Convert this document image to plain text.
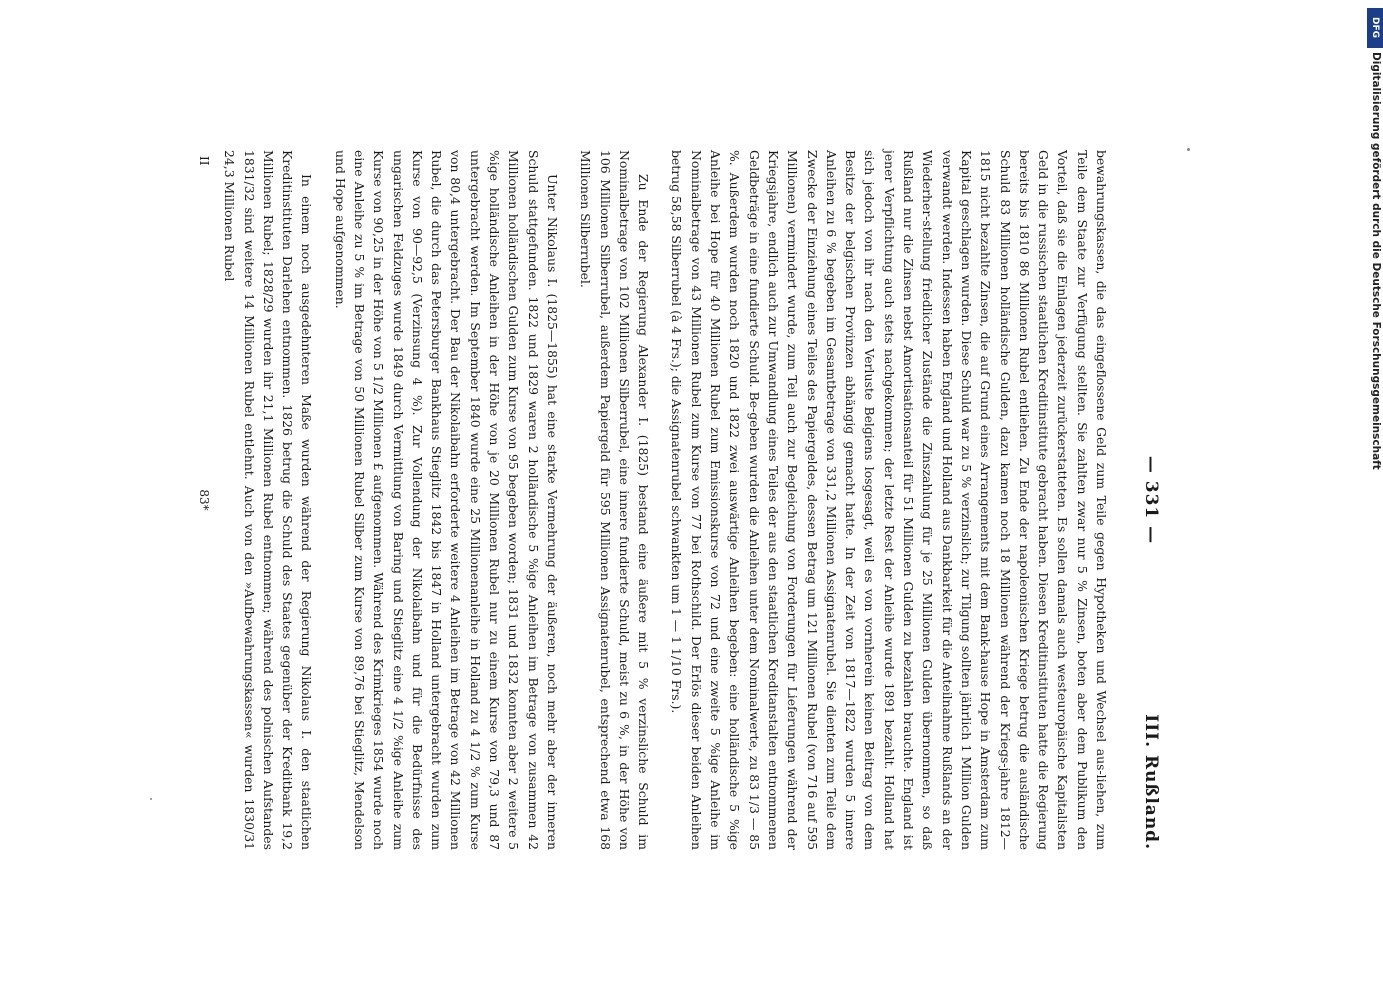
— 331 —
III. Rußland.

bewahrungskassen, die das eingeflossene Geld zum Teile gegen Hypotheken und Wechsel aus-liehen, zum Teile dem Staate zur Verfügung stellten. Sie zahlten zwar nur 5 % Zinsen, boten aber dem Publikum den Vorteil, daß sie die Einlagen jederzeit zurückerstatteten. Es sollen damals auch westeuropäische Kapitalisten Geld in die russischen staatlichen Kreditinstitute gebracht haben. Diesen Kreditinstituten hatte die Regierung bereits bis 1810 86 Millionen Rubel entliehen. Zu Ende der napoleonischen Kriege betrug die ausländische Schuld 83 Millionen holländische Gulden, dazu kamen noch 18 Millionen während der Kriegs-jahre 1812—1815 nicht bezahlte Zinsen, die auf Grund eines Arrangements mit dem Bank-hause Hope in Amsterdam zum Kapital geschlagen wurden. Diese Schuld war zu 5 % verzinslich; zur Tilgung sollten jährlich 1 Million Gulden verwandt werden. Indessen haben England und Holland aus Dankbarkeit für die Anteilnahme Rußlands an der Wiederher-stellung friedlicher Zustände die Zinszahlung für je 25 Millionen Gulden übernommen, so daß Rußland nur die Zinsen nebst Amortisationsanteil für 51 Millionen Gulden zu bezahlen brauchte. England ist jener Verpflichtung auch stets nachgekommen; der letzte Rest der Anleihe wurde 1891 bezahlt. Holland hat sich jedoch von ihr nach den Verluste Belgiens losgesagt, weil es von vornherein keinen Beitrag von dem Besitze der belgischen Provinzen abhängig gemacht hatte. In der Zeit von 1817—1822 wurden 5 innere Anleihen zu 6 % begeben im Gesamtbetrage von 331,2 Millionen Assignatenrubel. Sie dienten zum Teile dem Zwecke der Einziehung eines Teiles des Papiergeldes, dessen Betrag um 121 Millionen Rubel (von 716 auf 595 Millionen) vermindert wurde, zum Teil auch zur Begleichung von Forderungen für Lieferungen während der Kriegsjahre, endlich auch zur Umwandlung eines Teiles der aus den staatlichen Kreditanstalten entnommenen Geldbeträge in eine fundierte Schuld. Be-geben wurden die Anleihen unter dem Nominalwerte, zu 83 1/3 — 85 %. Außerdem wurden noch 1820 und 1822 zwei auswärtige Anleihen begeben: eine holländische 5 %ige Anleihe bei Hope für 40 Millionen Rubel zum Emissionskurse von 72 und eine zweite 5 %ige Anleihe im Nominalbetrage von 43 Millionen Rubel zum Kurse von 77 bei Rothschild. Der Erlös dieser beiden Anleihen betrug 58,58 Silberrubel (à 4 Frs.); die Assignatenrubel schwankten um 1 — 1 1/10 Frs.).

Zu Ende der Regierung Alexander I. (1825) bestand eine äußere mit 5 % verzinsliche Schuld im Nominalbetrage von 102 Millionen Silberrubel, eine innere fundierte Schuld, meist zu 6 %, in der Höhe von 106 Millionen Silberrubel, außerdem Papiergeld für 595 Millionen Assignatenrubel, entsprechend etwa 168 Millionen Silberrubel.

Unter Nikolaus I. (1825—1855) hat eine starke Vermehrung der äußeren, noch mehr aber der inneren Schuld stattgefunden. 1822 und 1829 waren 2 holländische 5 %ige Anleihen im Betrage von zusammen 42 Millionen holländischen Gulden zum Kurse von 95 begeben worden; 1831 und 1832 konnten aber 2 weitere 5 %ige holländische Anleihen in der Höhe von je 20 Millionen Rubel nur zu einem Kurse von 79,3 und 87 untergebracht werden. Im September 1840 wurde eine 25 Millionenanleihe in Holland zu 4 1/2 % zum Kurse von 80,4 untergebracht. Der Bau der Nikolaibahn erforderte weitere 4 Anleihen im Betrage von 42 Millionen Rubel, die durch das Petersburger Bankhaus Stieglitz 1842 bis 1847 in Holland untergebracht wurden zum Kurse von 90—92,5 (Verzinsung 4 %). Zur Vollendung der Nikolaibahn und für die Bedürfnisse des ungarischen Feldzuges wurde 1849 durch Vermittlung von Baring und Stieglitz eine 4 1/2 %ige Anleihe zum Kurse von 90,25 in der Höhe von 5 1/2 Millionen £ aufgenommen. Während des Krimkrieges 1854 wurde noch eine Anleihe zu 5 % im Betrage von 50 Millionen Rubel Silber zum Kurse von 89,76 bei Stieglitz, Mendelson und Hope aufgenommen.

In einem noch ausgedehnteren Maße wurden während der Regierung Nikolaus I. den staatlichen Kreditinstituten Darlehen entnommen. 1826 betrug die Schuld des Staates gegenüber der Kreditbank 19,2 Millionen Rubel; 1828/29 wurden ihr 21,1 Millionen Rubel entnommen; während des polnischen Aufstandes 1831/32 sind weitere 14 Millionen Rubel entlehnt. Auch von den »Aufbewahrungskassen« wurden 1830/31 24,3 Millionen Rubel

II
83*
DFG
Digitalisierung gefördert durch die Deutsche Forschungsgemeinschaft
